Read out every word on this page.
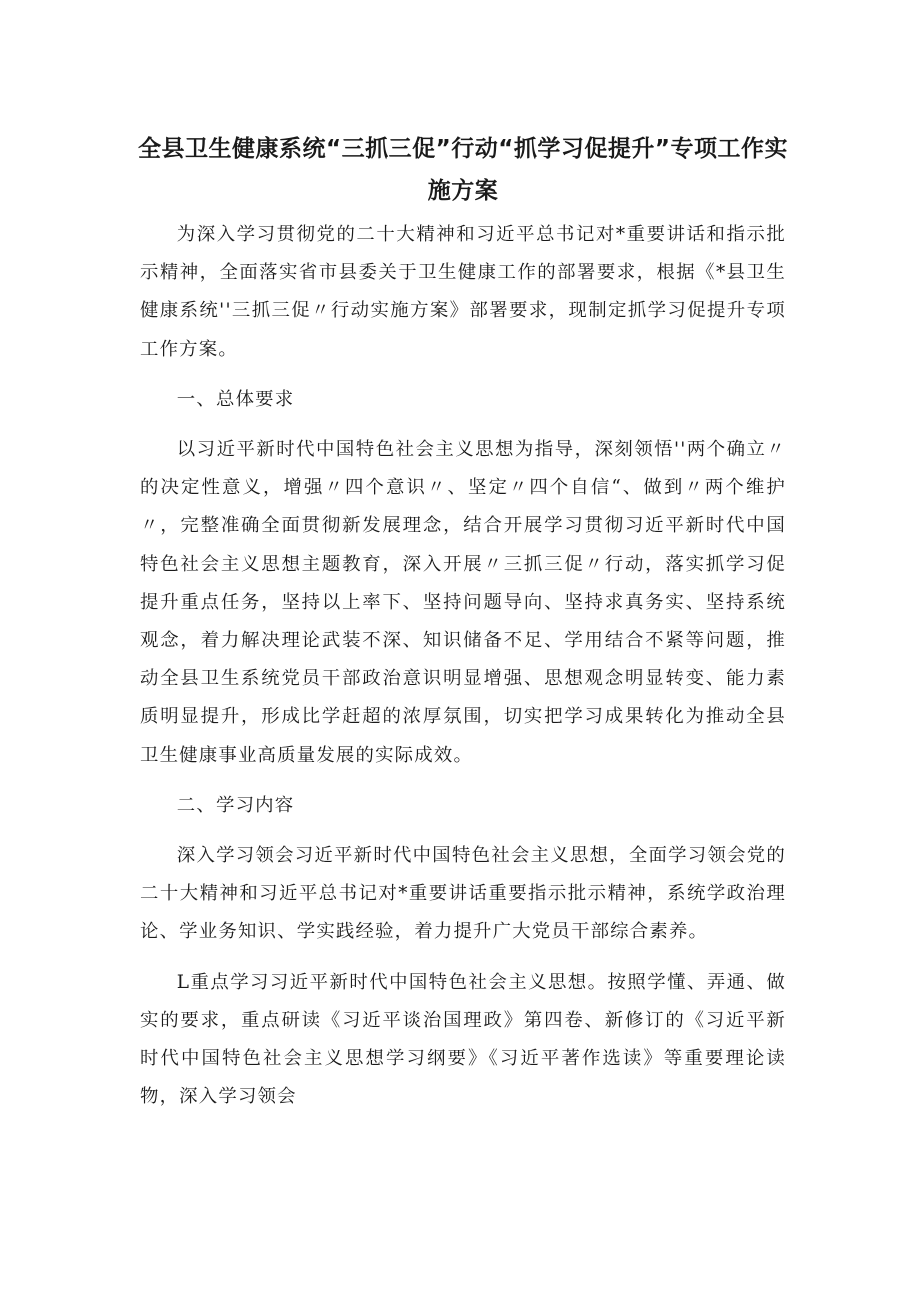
全县卫生健康系统“三抓三促”行动“抓学习促提升”专项工作实
施方案

为深入学习贯彻党的二十大精神和习近平总书记对*重要讲话和指示批示精神，全面落实省市县委关于卫生健康工作的部署要求，根据《*县卫生健康系统''三抓三促〃行动实施方案》部署要求，现制定抓学习促提升专项工作方案。

一、总体要求

以习近平新时代中国特色社会主义思想为指导，深刻领悟''两个确立〃的决定性意义，增强〃四个意识〃、坚定〃四个自信“、做到〃两个维护〃，完整准确全面贯彻新发展理念，结合开展学习贯彻习近平新时代中国特色社会主义思想主题教育，深入开展〃三抓三促〃行动，落实抓学习促提升重点任务，坚持以上率下、坚持问题导向、坚持求真务实、坚持系统观念，着力解决理论武装不深、知识储备不足、学用结合不紧等问题，推动全县卫生系统党员干部政治意识明显增强、思想观念明显转变、能力素质明显提升，形成比学赶超的浓厚氛围，切实把学习成果转化为推动全县卫生健康事业高质量发展的实际成效。

二、学习内容

深入学习领会习近平新时代中国特色社会主义思想，全面学习领会党的二十大精神和习近平总书记对*重要讲话重要指示批示精神，系统学政治理论、学业务知识、学实践经验，着力提升广大党员干部综合素养。

L重点学习习近平新时代中国特色社会主义思想。按照学懂、弄通、做实的要求，重点研读《习近平谈治国理政》第四卷、新修订的《习近平新时代中国特色社会主义思想学习纲要》《习近平著作选读》等重要理论读物，深入学习领会
